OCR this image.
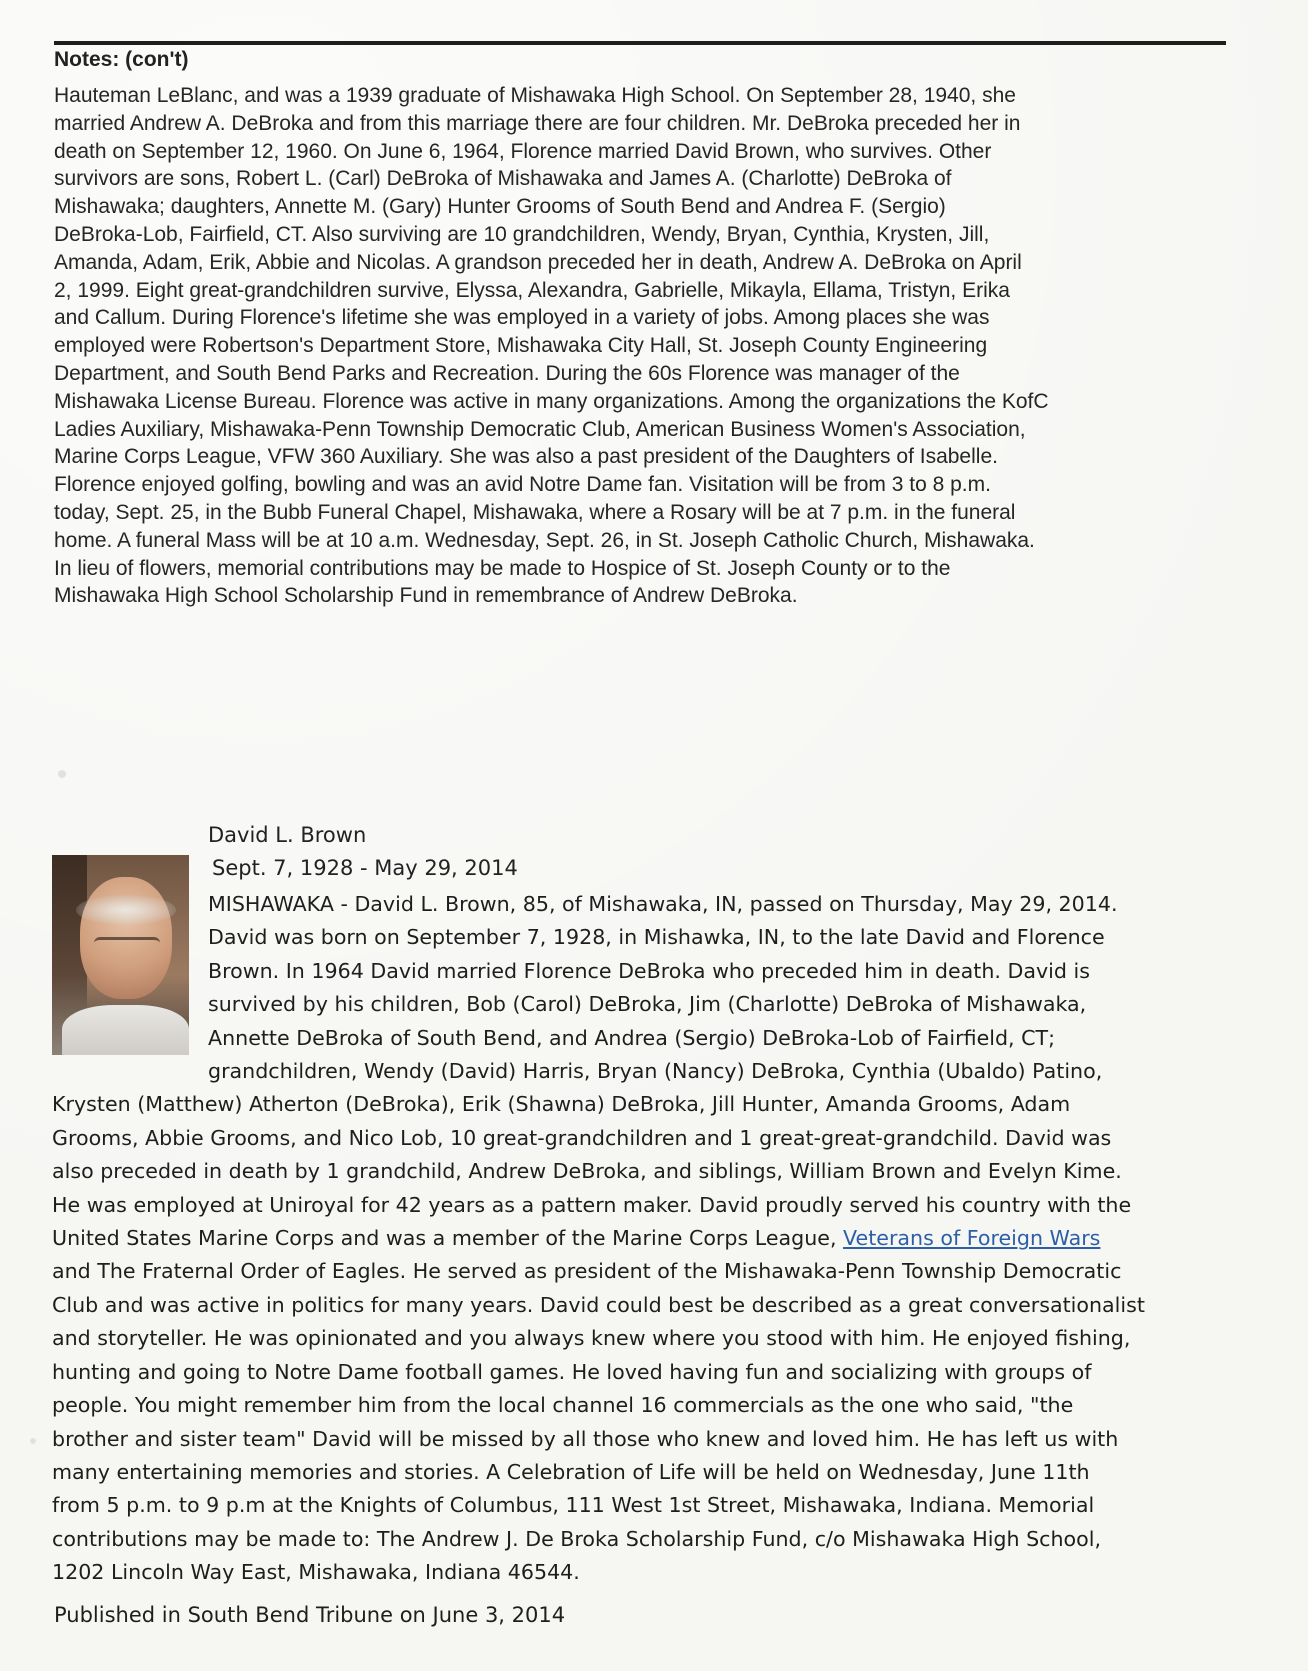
Notes: (con't)
Hauteman LeBlanc, and was a 1939 graduate of Mishawaka High School. On September 28, 1940, she
married Andrew A. DeBroka and from this marriage there are four children. Mr. DeBroka preceded her in
death on September 12, 1960. On June 6, 1964, Florence married David Brown, who survives. Other
survivors are sons, Robert L. (Carl) DeBroka of Mishawaka and James A. (Charlotte) DeBroka of
Mishawaka; daughters, Annette M. (Gary) Hunter Grooms of South Bend and Andrea F. (Sergio)
DeBroka-Lob, Fairfield, CT. Also surviving are 10 grandchildren, Wendy, Bryan, Cynthia, Krysten, Jill,
Amanda, Adam, Erik, Abbie and Nicolas. A grandson preceded her in death, Andrew A. DeBroka on April
2, 1999. Eight great-grandchildren survive, Elyssa, Alexandra, Gabrielle, Mikayla, Ellama, Tristyn, Erika
and Callum. During Florence's lifetime she was employed in a variety of jobs. Among places she was
employed were Robertson's Department Store, Mishawaka City Hall, St. Joseph County Engineering
Department, and South Bend Parks and Recreation. During the 60s Florence was manager of the
Mishawaka License Bureau. Florence was active in many organizations. Among the organizations the KofC
Ladies Auxiliary, Mishawaka-Penn Township Democratic Club, American Business Women's Association,
Marine Corps League, VFW 360 Auxiliary. She was also a past president of the Daughters of Isabelle.
Florence enjoyed golfing, bowling and was an avid Notre Dame fan. Visitation will be from 3 to 8 p.m.
today, Sept. 25, in the Bubb Funeral Chapel, Mishawaka, where a Rosary will be at 7 p.m. in the funeral
home. A funeral Mass will be at 10 a.m. Wednesday, Sept. 26, in St. Joseph Catholic Church, Mishawaka.
In lieu of flowers, memorial contributions may be made to Hospice of St. Joseph County or to the
Mishawaka High School Scholarship Fund in remembrance of Andrew DeBroka.
David L. Brown
Sept. 7, 1928 - May 29, 2014
MISHAWAKA - David L. Brown, 85, of Mishawaka, IN, passed on Thursday, May 29, 2014.
David was born on September 7, 1928, in Mishawka, IN, to the late David and Florence
Brown. In 1964 David married Florence DeBroka who preceded him in death. David is
survived by his children, Bob (Carol) DeBroka, Jim (Charlotte) DeBroka of Mishawaka,
Annette DeBroka of South Bend, and Andrea (Sergio) DeBroka-Lob of Fairfield, CT;
grandchildren, Wendy (David) Harris, Bryan (Nancy) DeBroka, Cynthia (Ubaldo) Patino,
Krysten (Matthew) Atherton (DeBroka), Erik (Shawna) DeBroka, Jill Hunter, Amanda Grooms, Adam
Grooms, Abbie Grooms, and Nico Lob, 10 great-grandchildren and 1 great-great-grandchild. David was
also preceded in death by 1 grandchild, Andrew DeBroka, and siblings, William Brown and Evelyn Kime.
He was employed at Uniroyal for 42 years as a pattern maker. David proudly served his country with the
United States Marine Corps and was a member of the Marine Corps League, Veterans of Foreign Wars
and The Fraternal Order of Eagles. He served as president of the Mishawaka-Penn Township Democratic
Club and was active in politics for many years. David could best be described as a great conversationalist
and storyteller. He was opinionated and you always knew where you stood with him. He enjoyed fishing,
hunting and going to Notre Dame football games. He loved having fun and socializing with groups of
people. You might remember him from the local channel 16 commercials as the one who said, "the
brother and sister team" David will be missed by all those who knew and loved him. He has left us with
many entertaining memories and stories. A Celebration of Life will be held on Wednesday, June 11th
from 5 p.m. to 9 p.m at the Knights of Columbus, 111 West 1st Street, Mishawaka, Indiana. Memorial
contributions may be made to: The Andrew J. De Broka Scholarship Fund, c/o Mishawaka High School,
1202 Lincoln Way East, Mishawaka, Indiana 46544.
Published in South Bend Tribune on June 3, 2014
